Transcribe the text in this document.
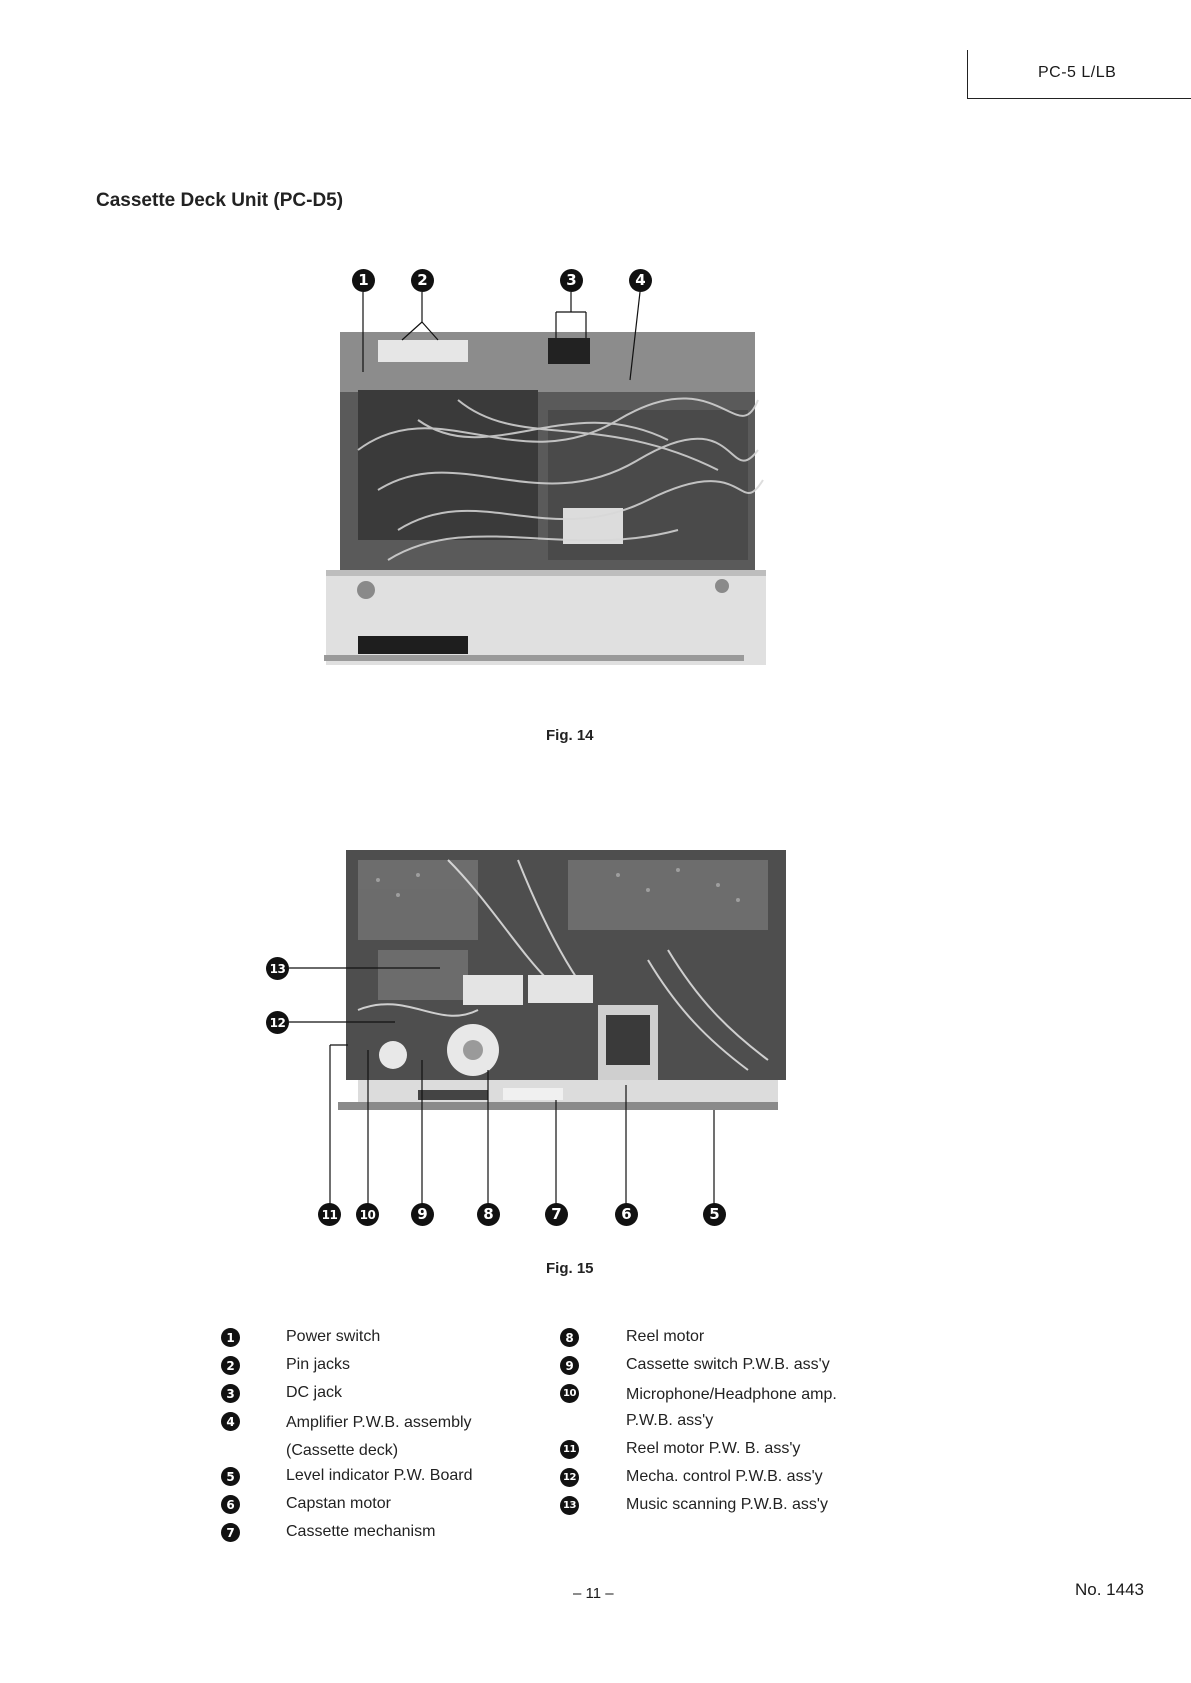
PC-5 L/LB
Cassette Deck Unit (PC-D5)
1	2	3	4
Fig. 14
13
12
11	10	9	8	7	6	5
Fig. 15
1	Power switch
2	Pin jacks
3	DC jack
4	Amplifier P.W.B. assembly
(Cassette deck)
5	Level indicator P.W. Board
6	Capstan motor
7	Cassette mechanism
8	Reel motor
9	Cassette switch P.W.B. ass'y
10	Microphone/Headphone amp.
P.W.B. ass'y
11	Reel motor P.W. B. ass'y
12	Mecha. control P.W.B. ass'y
13	Music scanning P.W.B. ass'y
– 11 –	No. 1443
